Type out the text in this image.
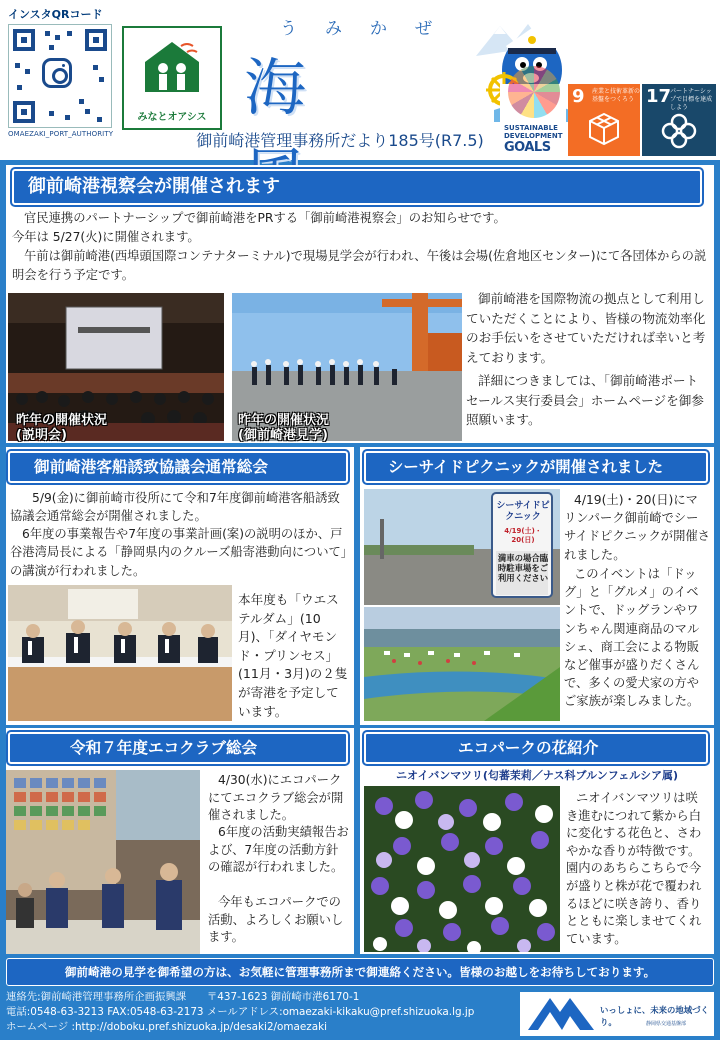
インスタQRコード
OMAEZAKI_PORT_AUTHORITY
みなとオアシス
うみかぜ
海
御前崎港管理事務所だより185号(R7.5)
SUSTAINABLE
DEVELOPMENT
GOALS
9 産業と技術革新の基盤をつくろう 17
パートナーシップで目標を達成しよう
御前崎港視察会が開催されます
官民連携のパートナーシップで御前崎港をPRする「御前崎港視察会」のお知らせです。
今年は 5/27(火)に開催されます。
午前は御前崎港(西埠頭国際コンテナターミナル)で現場見学会が行われ、午後は会場(佐倉地区センター)にて各団体からの説明会を行う予定です。
昨年の開催状況
(説明会)
昨年の開催状況
(御前崎港見学)
御前崎港を国際物流の拠点として利用していただくことにより、皆様の物流効率化のお手伝いをさせていただければ幸いと考えております。
詳細につきましては、「御前崎港ポートセールス実行委員会」ホームページを御参照願います。
御前崎港客船誘致協議会通常総会
5/9(金)に御前崎市役所にて令和7年度御前崎港客船誘致協議会通常総会が開催されました。
6年度の事業報告や7年度の事業計画(案)の説明のほか、戸谷港湾局長による「静岡県内のクルーズ船寄港動向について」の講演が行われました。
本年度も「ウエステルダム」(10月)、「ダイヤモンド・プリンセス」(11月・3月)の２隻が寄港を予定しています。
シーサイドピクニックが開催されました
シーサイドピクニック
4/19(土)・20(日)
満車の場合臨時駐車場をご利用ください
4/19(土)・20(日)にマリンパーク御前崎でシーサイドピクニックが開催されました。
このイベントは「ドッグ」と「グルメ」のイベントで、ドッグランやワンちゃん関連商品のマルシェ、商工会による物販など催事が盛りだくさんで、多くの愛犬家の方やご家族が楽しみました。
令和７年度エコクラブ総会
4/30(水)にエコパークにてエコクラブ総会が開催されました。
6年度の活動実績報告および、7年度の活動方針の確認が行われました。
今年もエコパークでの活動、よろしくお願いします。
エコパークの花紹介
ニオイバンマツリ(匂蕃茉莉／ナス科ブルンフェルシア属)
ニオイバンマツリは咲き進むにつれて紫から白に変化する花色と、さわやかな香りが特徴です。園内のあちらこちらで今が盛りと株が花で覆われるほどに咲き誇り、香りとともに楽しませてくれています。
御前崎港の見学を御希望の方は、お気軽に管理事務所まで御連絡ください。皆様のお越しをお待ちしております。
連絡先:御前崎港管理事務所企画振興課　　〒437-1623 御前崎市港6170-1
電話:0548-63-3213 FAX:0548-63-2173 メールアドレス:omaezaki-kikaku@pref.shizuoka.lg.jp
ホームページ :http://doboku.pref.shizuoka.jp/desaki2/omaezaki
いっしょに、未来の地域づくり。	静岡県交通基盤部
